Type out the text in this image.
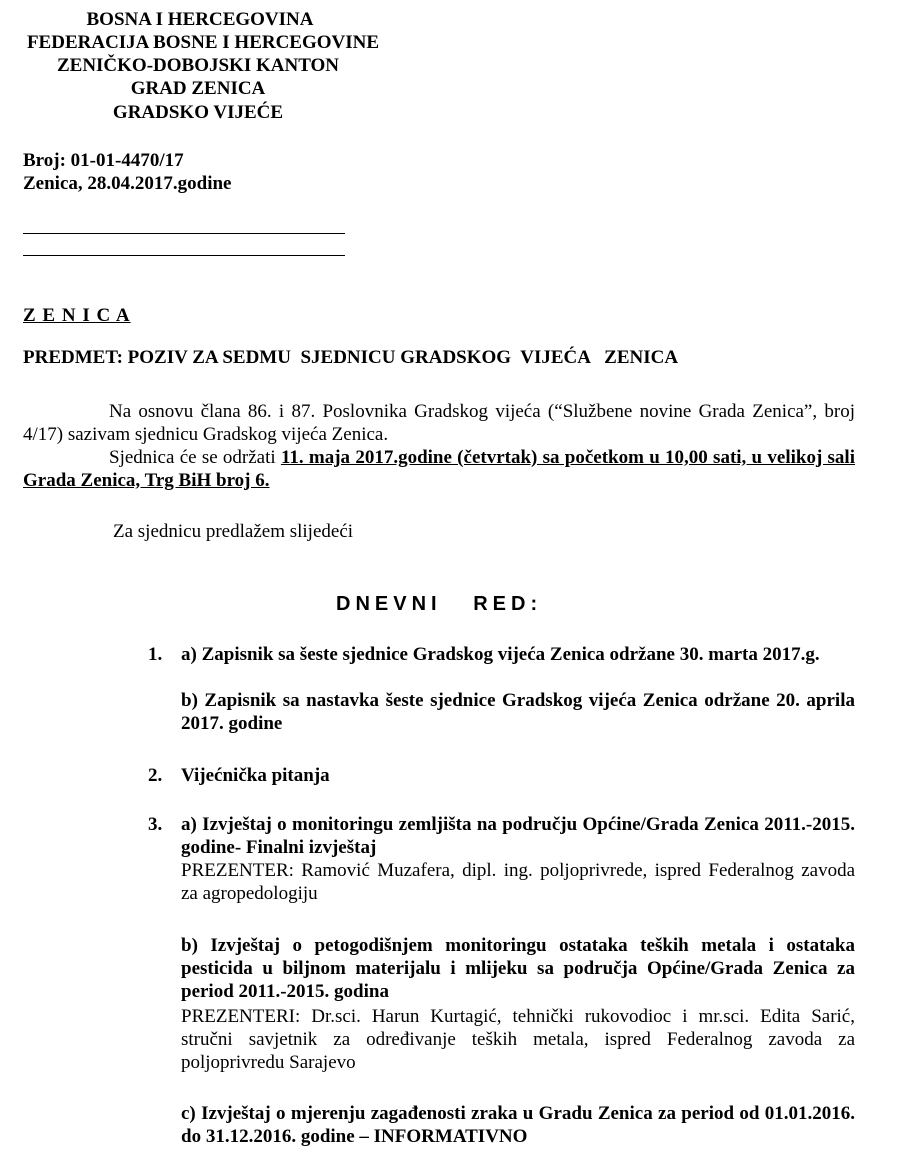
BOSNA I HERCEGOVINA
FEDERACIJA BOSNE I HERCEGOVINE
ZENIČKO-DOBOJSKI KANTON
GRAD ZENICA
GRADSKO VIJEĆE
Broj: 01-01-4470/17
Zenica, 28.04.2017.godine
Z E N I C A
PREDMET: POZIV ZA SEDMU  SJEDNICU GRADSKOG  VIJEĆA   ZENICA
Na osnovu člana 86. i 87. Poslovnika Gradskog vijeća (“Službene novine Grada Zenica”, broj 4/17) sazivam sjednicu Gradskog vijeća Zenica.
Sjednica će se održati 11. maja 2017.godine (četvrtak) sa početkom u 10,00 sati, u velikoj sali Grada Zenica, Trg BiH broj 6.
Za sjednicu predlažem slijedeći
DNEVNI   RED:
1. a) Zapisnik sa šeste sjednice Gradskog vijeća Zenica održane 30. marta 2017.g.
b) Zapisnik sa nastavka šeste sjednice Gradskog vijeća Zenica održane 20. aprila 2017. godine
2. Vijećnička pitanja
3. a) Izvještaj o monitoringu zemljišta na području Općine/Grada Zenica 2011.-2015. godine- Finalni izvještaj
PREZENTER: Ramović Muzafera, dipl. ing. poljoprivrede, ispred Federalnog zavoda za agropedologiju
b) Izvještaj o petogodišnjem monitoringu ostataka teških metala i ostataka pesticida u biljnom materijalu i mlijeku sa područja Općine/Grada Zenica za period 2011.-2015. godina
PREZENTERI: Dr.sci. Harun Kurtagić, tehnički rukovodioc i mr.sci. Edita Sarić, stručni savjetnik za određivanje teških metala, ispred Federalnog zavoda za poljoprivredu Sarajevo
c) Izvještaj o mjerenju zagađenosti zraka u Gradu Zenica za period od 01.01.2016. do 31.12.2016. godine – INFORMATIVNO
